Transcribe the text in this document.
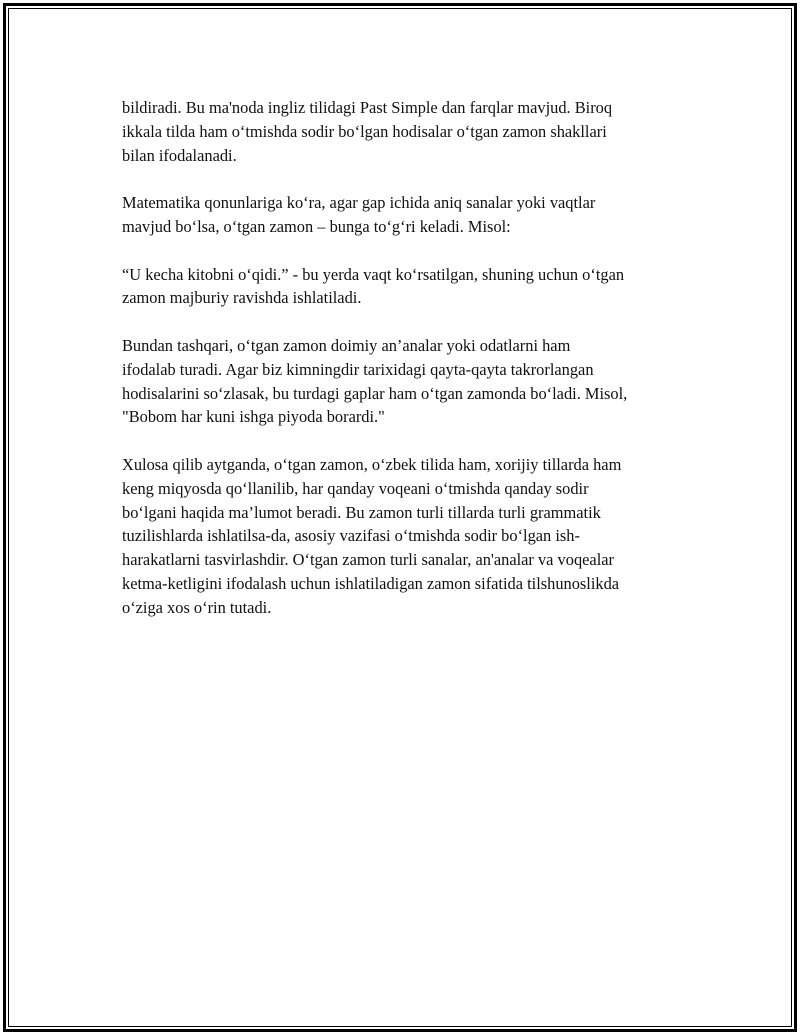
bildiradi. Bu ma'noda ingliz tilidagi Past Simple dan farqlar mavjud. Biroq
ikkala tilda ham o‘tmishda sodir bo‘lgan hodisalar o‘tgan zamon shakllari
bilan ifodalanadi.

Matematika qonunlariga ko‘ra, agar gap ichida aniq sanalar yoki vaqtlar
mavjud bo‘lsa, o‘tgan zamon – bunga to‘g‘ri keladi. Misol:

“U kecha kitobni o‘qidi.” - bu yerda vaqt ko‘rsatilgan, shuning uchun o‘tgan
zamon majburiy ravishda ishlatiladi.

Bundan tashqari, o‘tgan zamon doimiy an’analar yoki odatlarni ham
ifodalab turadi. Agar biz kimningdir tarixidagi qayta-qayta takrorlangan
hodisalarini so‘zlasak, bu turdagi gaplar ham o‘tgan zamonda bo‘ladi. Misol,
"Bobom har kuni ishga piyoda borardi."

Xulosa qilib aytganda, o‘tgan zamon, o‘zbek tilida ham, xorijiy tillarda ham
keng miqyosda qo‘llanilib, har qanday voqeani o‘tmishda qanday sodir
bo‘lgani haqida ma’lumot beradi. Bu zamon turli tillarda turli grammatik
tuzilishlarda ishlatilsa-da, asosiy vazifasi o‘tmishda sodir bo‘lgan ish-
harakatlarni tasvirlashdir. O‘tgan zamon turli sanalar, an'analar va voqealar
ketma-ketligini ifodalash uchun ishlatiladigan zamon sifatida tilshunoslikda
o‘ziga xos o‘rin tutadi.
